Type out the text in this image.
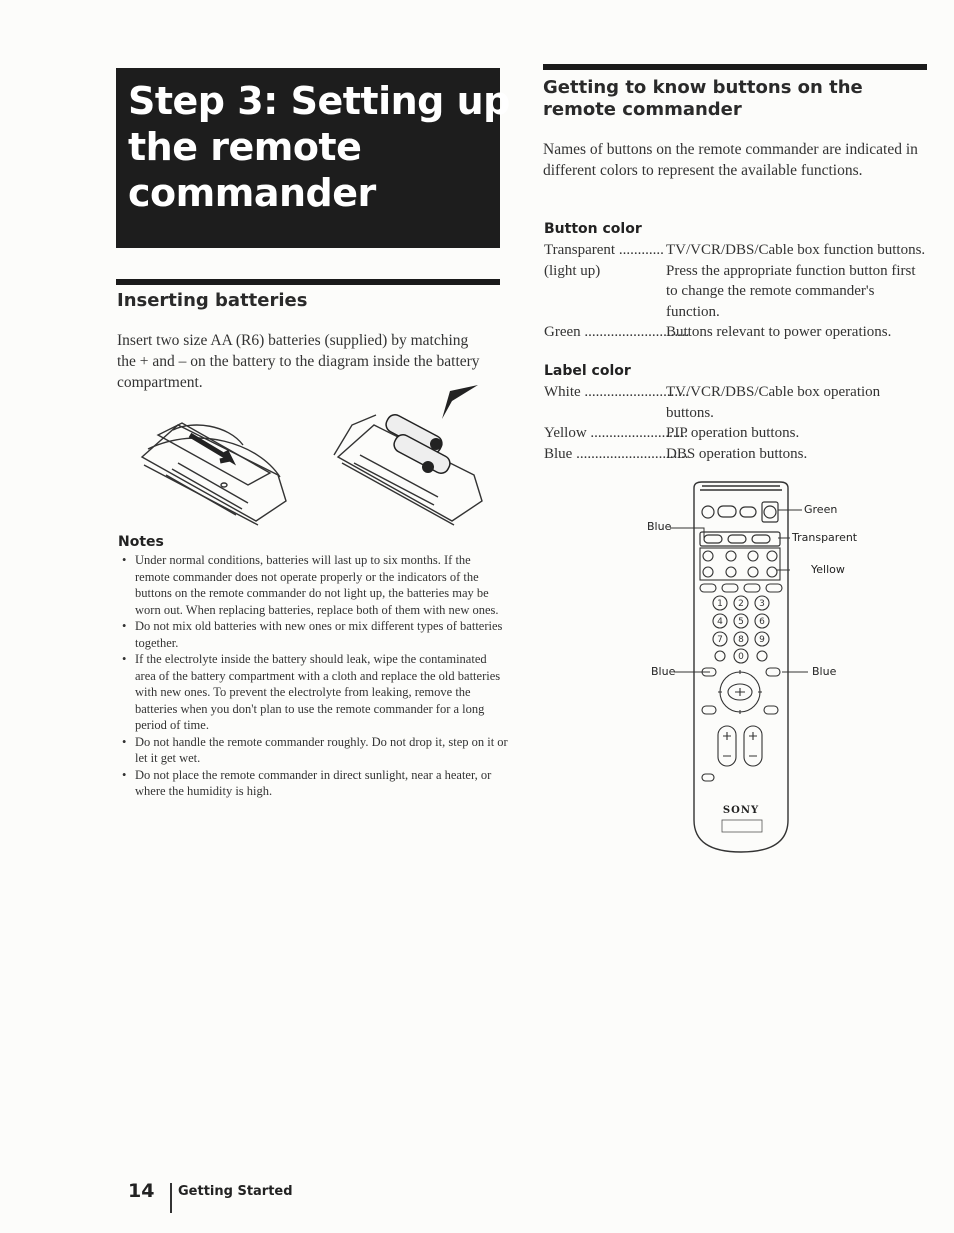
Step 3: Setting up
the remote
commander
Inserting batteries
Insert two size AA (R6) batteries (supplied) by matching the + and – on the battery to the diagram inside the battery compartment.
Notes
• Under normal conditions, batteries will last up to six months. If the remote commander does not operate properly or the indicators of the buttons on the remote commander do not light up, the batteries may be worn out. When replacing batteries, replace both of them with new ones.
• Do not mix old batteries with new ones or mix different types of batteries together.
• If the electrolyte inside the battery should leak, wipe the contaminated area of the battery compartment with a cloth and replace the old batteries with new ones. To prevent the electrolyte from leaking, remove the batteries when you don't plan to use the remote commander for a long period of time.
• Do not handle the remote commander roughly. Do not drop it, step on it or let it get wet.
• Do not place the remote commander in direct sunlight, near a heater, or where the humidity is high.
Getting to know buttons on the remote commander
Names of buttons on the remote commander are indicated in different colors to represent the available functions.
Button color
Transparent ............
(light up)
TV/VCR/DBS/Cable box function buttons. Press the appropriate function button first to change the remote commander's function.
Green ............................
Buttons relevant to power operations.
Label color
White ............................
TV/VCR/DBS/Cable box operation buttons.
Yellow ..........................
PIP operation buttons.
Blue ..............................
DBS operation buttons.
1 2 3
4 5 6
7 8 9
0
SONY
Green
Transparent
Yellow
Blue
Blue	Blue
14 Getting Started
